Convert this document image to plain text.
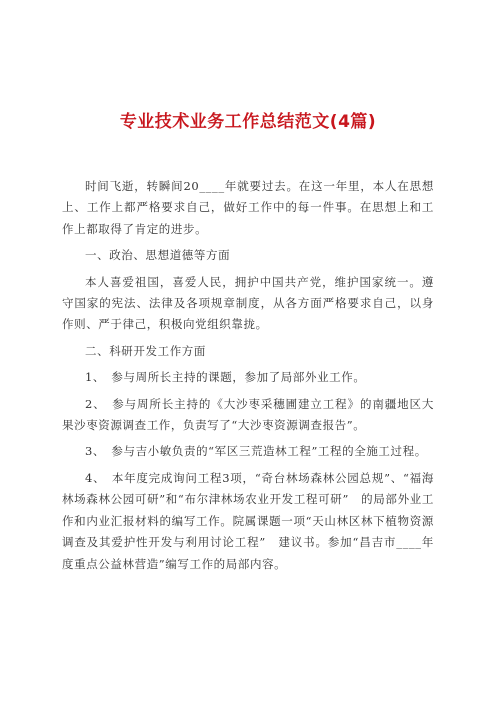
专业技术业务工作总结范文(4篇)

时间飞逝，转瞬间20____年就要过去。在这一年里，本人在思想上、工作上都严格要求自己，做好工作中的每一件事。在思想上和工作上都取得了肯定的进步。

一、政治、思想道德等方面

本人喜爱祖国，喜爱人民，拥护中国共产党，维护国家统一。遵守国家的宪法、法律及各项规章制度，从各方面严格要求自己，以身作则、严于律己，积极向党组织靠拢。

二、科研开发工作方面

1、　参与周所长主持的课题，参加了局部外业工作。

2、　参与周所长主持的《大沙枣采穗圃建立工程》的南疆地区大果沙枣资源调查工作，负责写了“大沙枣资源调查报告”。

3、　参与吉小敏负责的“军区三荒造林工程”工程的全施工过程。

4、　本年度完成询问工程3项，“奇台林场森林公园总规”、“福海林场森林公园可研”和“布尔津林场农业开发工程可研”　的局部外业工作和内业汇报材料的编写工作。院属课题一项“天山林区林下植物资源调查及其爱护性开发与利用讨论工程”　建议书。参加“昌吉市____年度重点公益林营造”编写工作的局部内容。
